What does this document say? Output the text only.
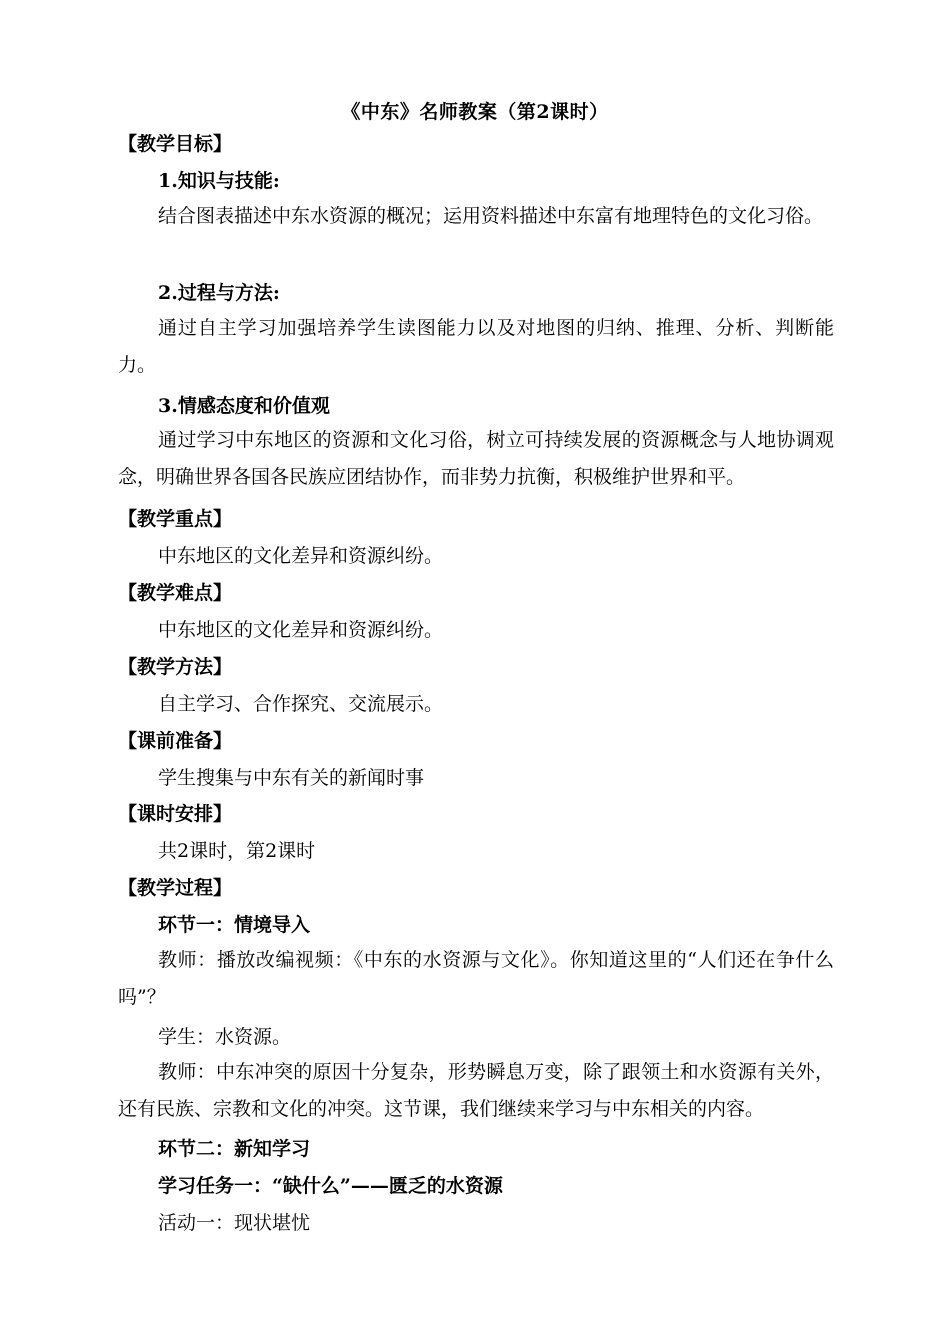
《中东》名师教案（第2课时）
【教学目标】
1.知识与技能:
结合图表描述中东水资源的概况；运用资料描述中东富有地理特色的文化习俗。
2.过程与方法:
通过自主学习加强培养学生读图能力以及对地图的归纳、推理、分析、判断能力。
3.情感态度和价值观
通过学习中东地区的资源和文化习俗，树立可持续发展的资源概念与人地协调观念，明确世界各国各民族应团结协作，而非势力抗衡，积极维护世界和平。
【教学重点】
中东地区的文化差异和资源纠纷。
【教学难点】
中东地区的文化差异和资源纠纷。
【教学方法】
自主学习、合作探究、交流展示。
【课前准备】
学生搜集与中东有关的新闻时事
【课时安排】
共2课时，第2课时
【教学过程】
环节一：情境导入
教师：播放改编视频：《中东的水资源与文化》。你知道这里的“人们还在争什么吗”？
学生：水资源。
教师：中东冲突的原因十分复杂，形势瞬息万变，除了跟领土和水资源有关外，还有民族、宗教和文化的冲突。这节课，我们继续来学习与中东相关的内容。
环节二：新知学习
学习任务一：“缺什么”——匮乏的水资源
活动一：现状堪忧
